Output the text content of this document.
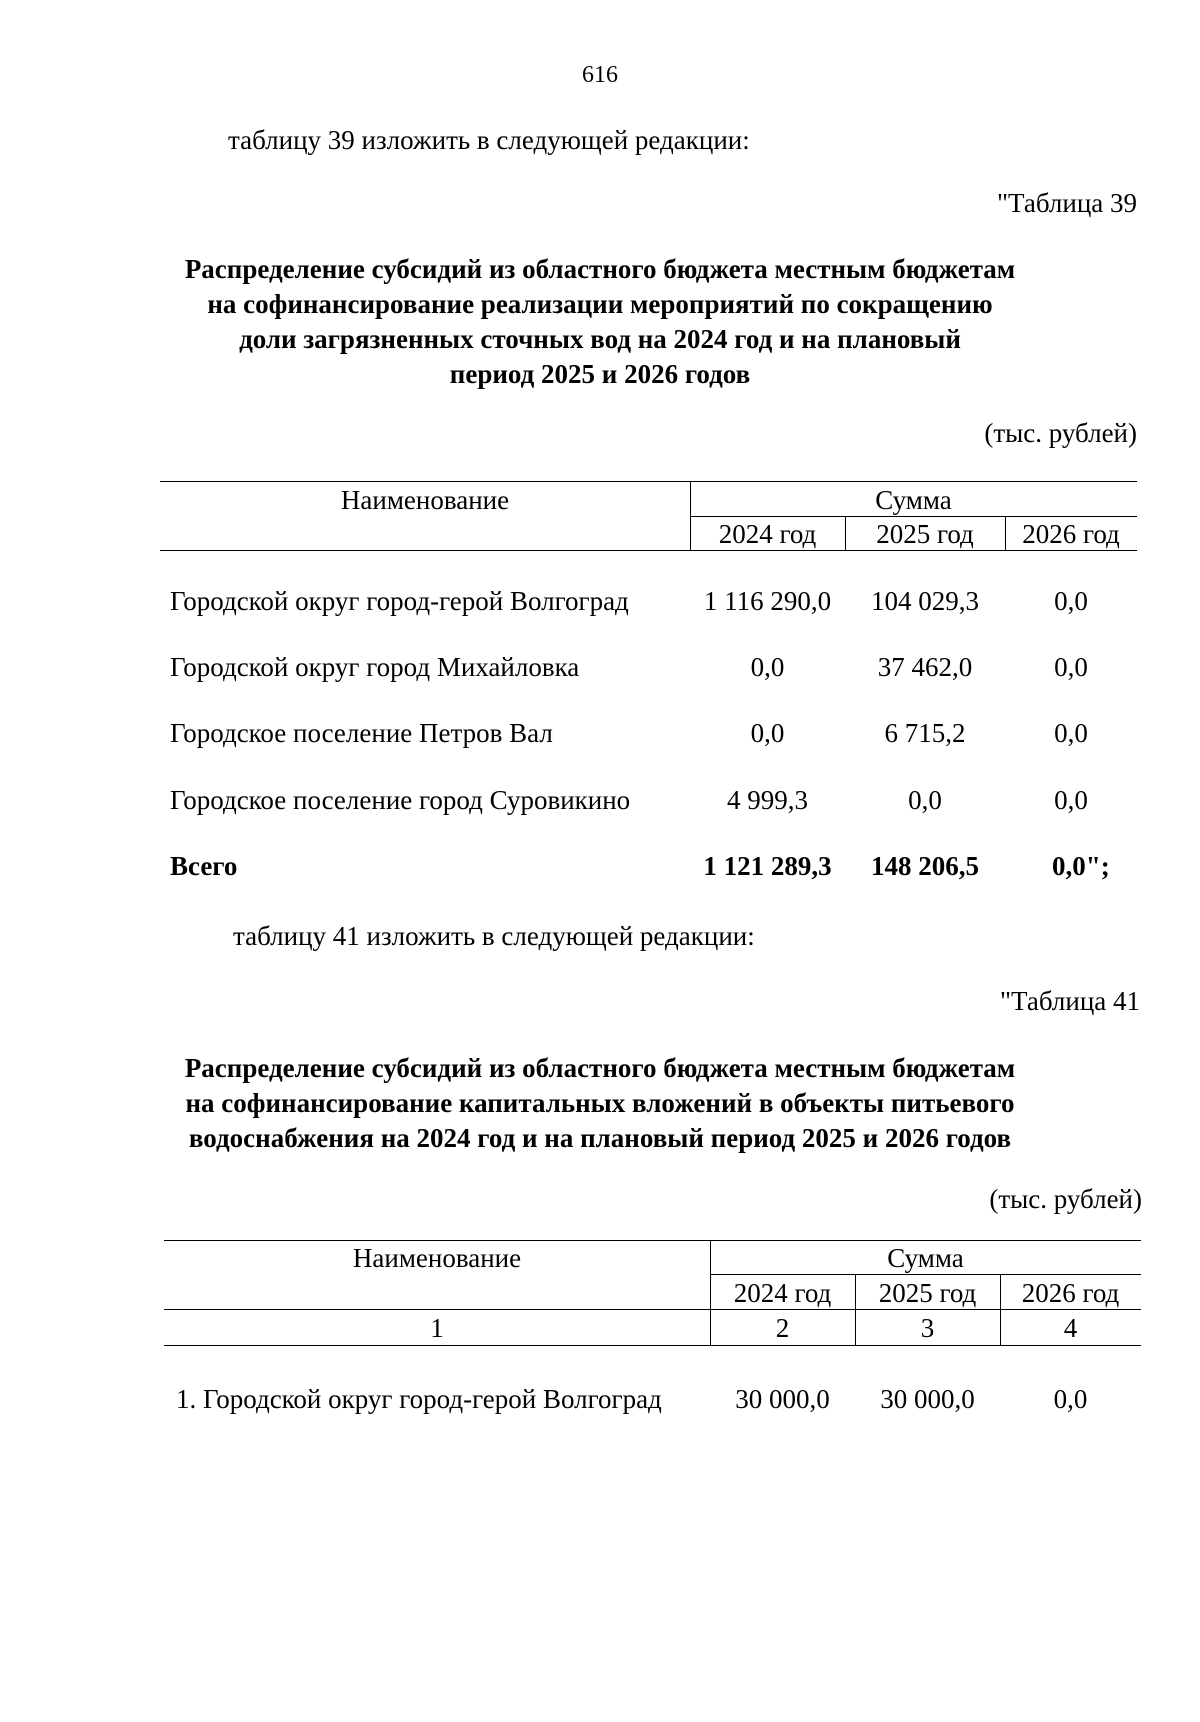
616
таблицу 39 изложить в следующей редакции:
"Таблица 39
Распределение субсидий из областного бюджета местным бюджетам
на софинансирование реализации мероприятий по сокращению
доли загрязненных сточных вод на 2024 год и на плановый
период 2025 и 2026 годов
(тыс. рублей)
Наименование	Сумма
2024 год	2025 год	2026 год
Городской округ город-герой Волгоград	1 116 290,0	104 029,3	0,0
Городской округ город Михайловка	0,0	37 462,0	0,0
Городское поселение Петров Вал	0,0	6 715,2	0,0
Городское поселение город Суровикино	4 999,3	0,0	0,0
Всего	1 121 289,3	148 206,5	0,0";
таблицу 41 изложить в следующей редакции:
"Таблица 41
Распределение субсидий из областного бюджета местным бюджетам
на софинансирование капитальных вложений в объекты питьевого
водоснабжения на 2024 год и на плановый период 2025 и 2026 годов
(тыс. рублей)
Наименование	Сумма
2024 год	2025 год	2026 год
1	2	3	4
1. Городской округ город-герой Волгоград	30 000,0	30 000,0	0,0
